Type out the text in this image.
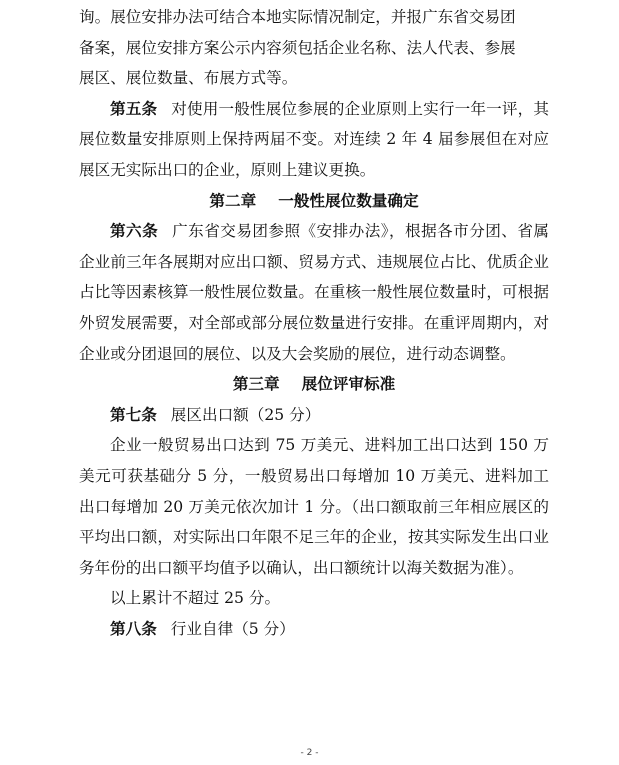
询。展位安排办法可结合本地实际情况制定，并报广东省交易团

备案，展位安排方案公示内容须包括企业名称、法人代表、参展

展区、展位数量、布展方式等。

第五条 对使用一般性展位参展的企业原则上实行一年一评，其展位数量安排原则上保持两届不变。对连续 2 年 4 届参展但在对应展区无实际出口的企业，原则上建议更换。

第二章 一般性展位数量确定

第六条 广东省交易团参照《安排办法》，根据各市分团、省属企业前三年各展期对应出口额、贸易方式、违规展位占比、优质企业占比等因素核算一般性展位数量。在重核一般性展位数量时，可根据外贸发展需要，对全部或部分展位数量进行安排。在重评周期内，对企业或分团退回的展位、以及大会奖励的展位，进行动态调整。

第三章 展位评审标准

第七条 展区出口额（25 分）

企业一般贸易出口达到 75 万美元、进料加工出口达到 150 万美元可获基础分 5 分，一般贸易出口每增加 10 万美元、进料加工出口每增加 20 万美元依次加计 1 分。（出口额取前三年相应展区的平均出口额，对实际出口年限不足三年的企业，按其实际发生出口业务年份的出口额平均值予以确认，出口额统计以海关数据为准）。

以上累计不超过 25 分。

第八条 行业自律（5 分）

- 2 -
